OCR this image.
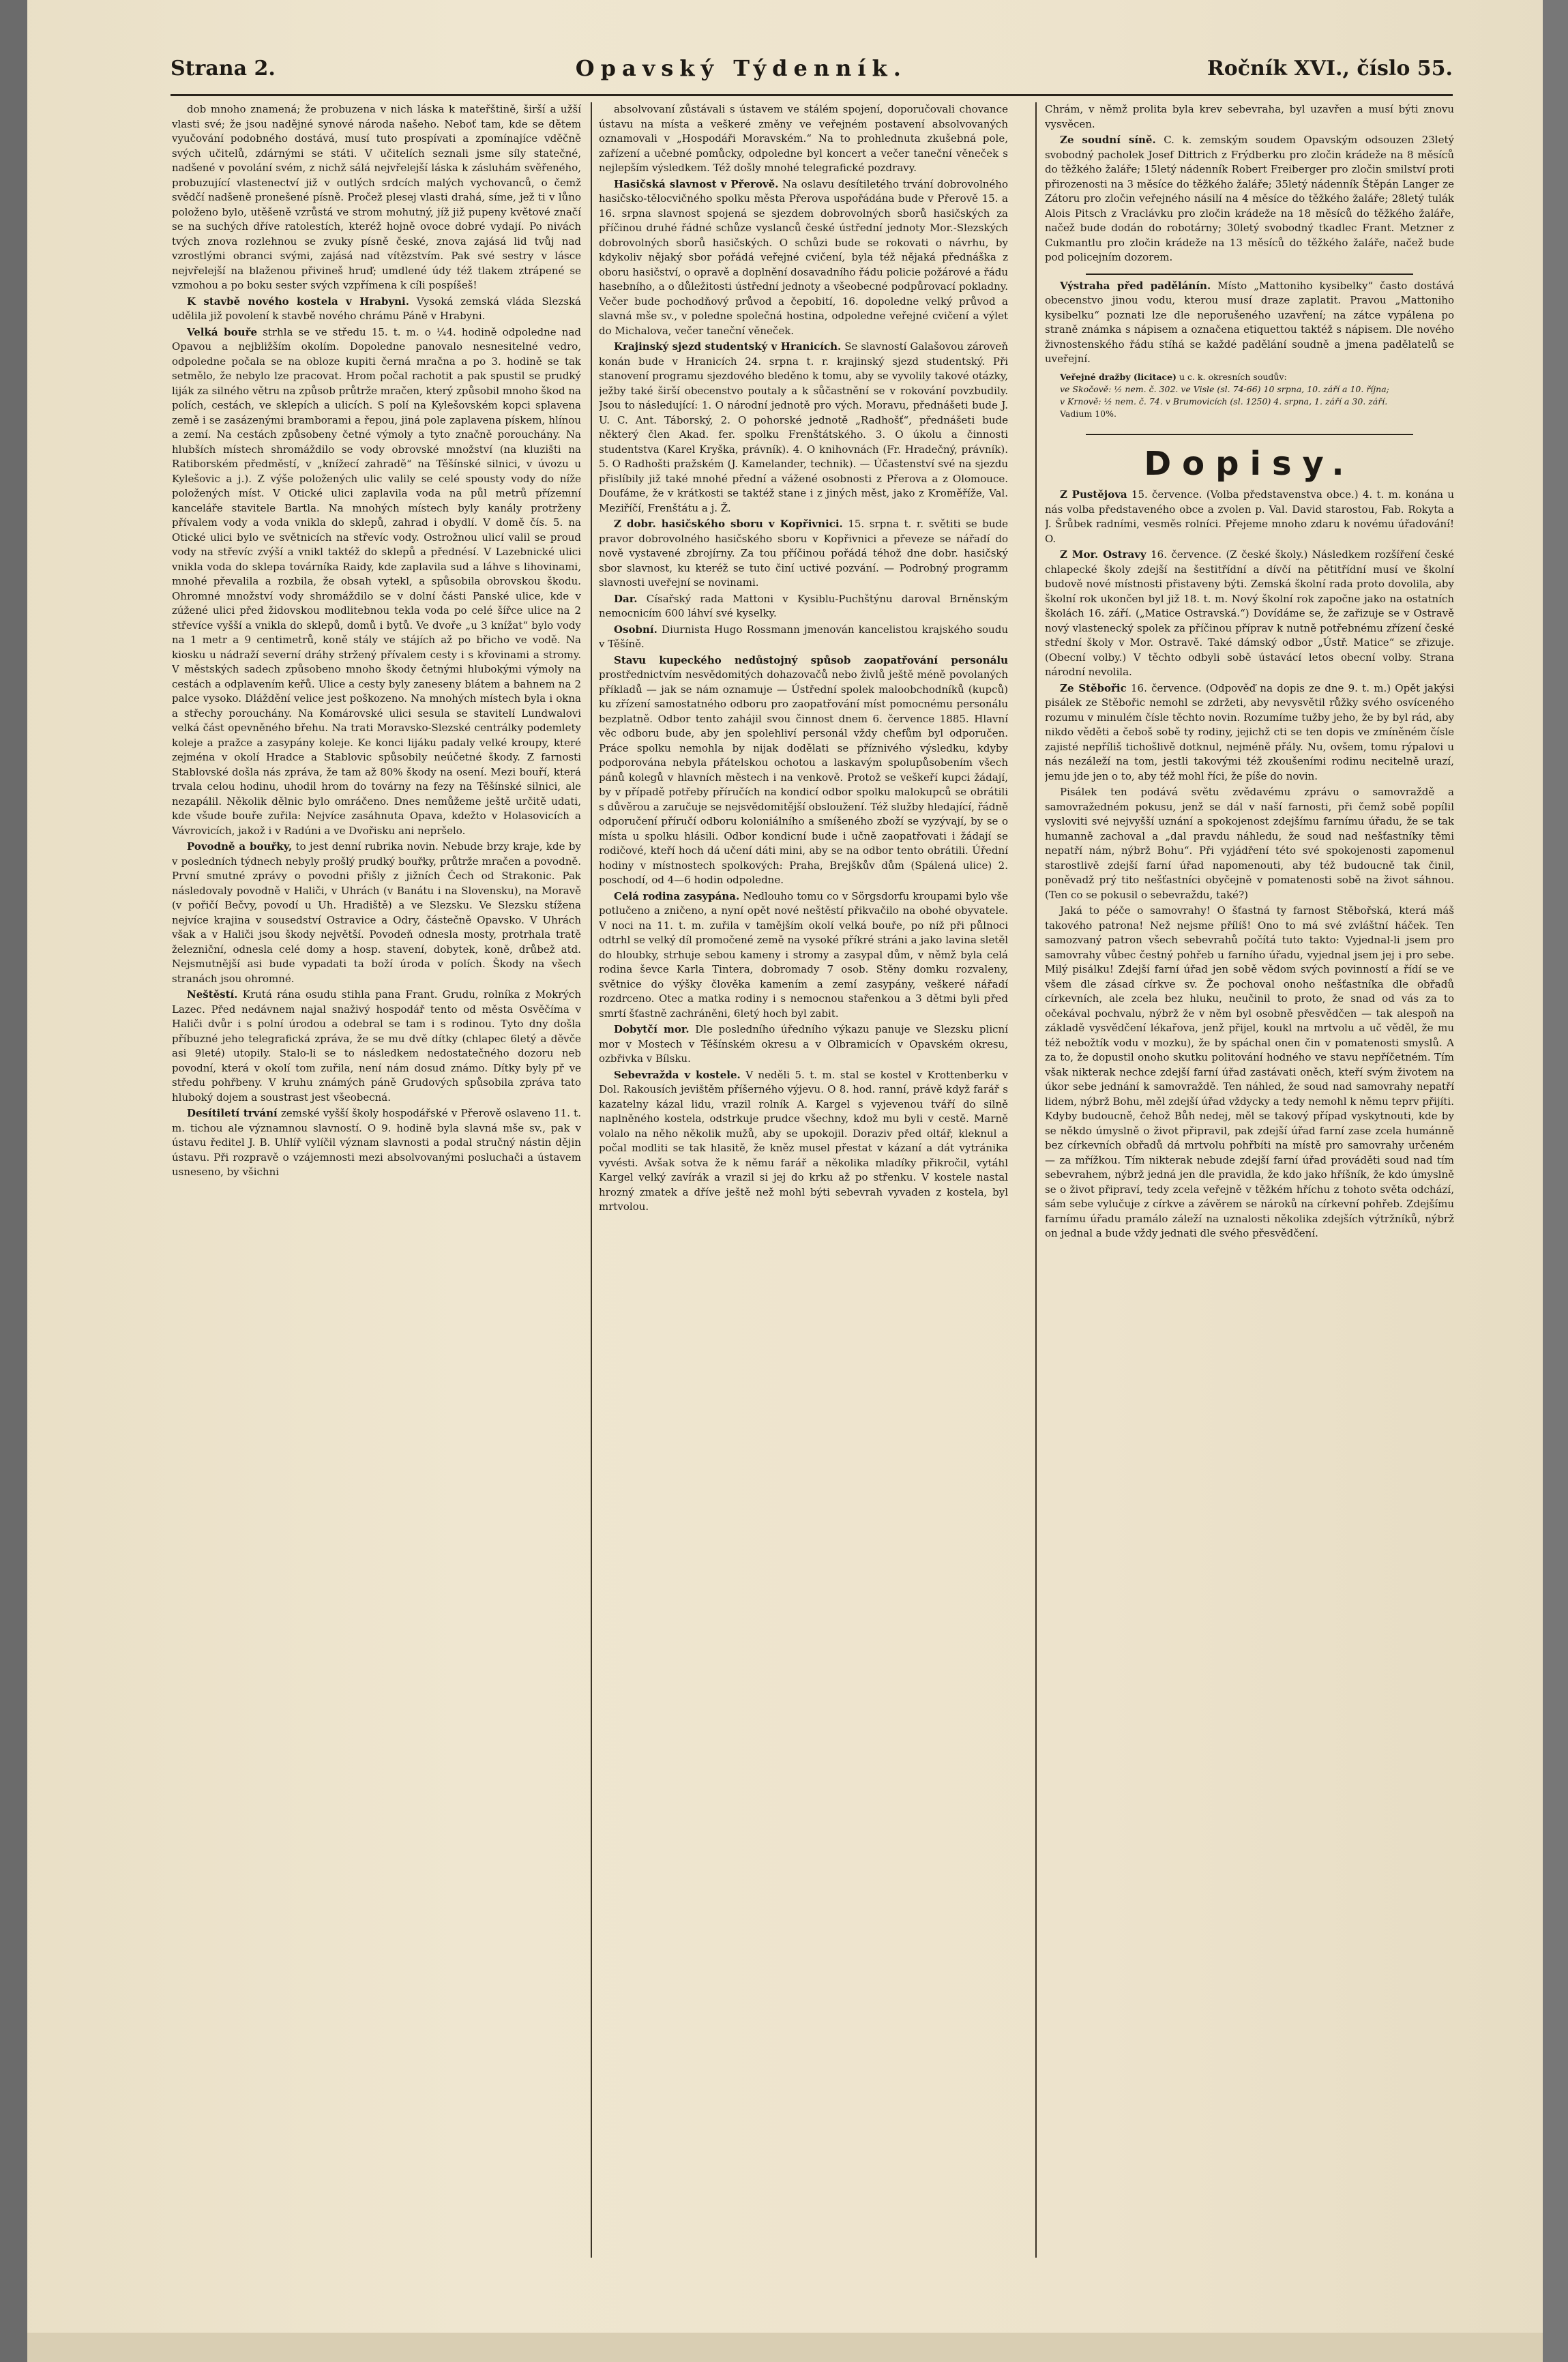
Strana 2.	Opavský Týdenník.	Ročník XVI., číslo 55.

dob mnoho znamená; že probuzena v nich láska k mateřštině, širší a užší vlasti své; že jsou nadějné synové národa našeho. Neboť tam, kde se dětem vyučování podobného dostává, musí tuto prospívati a zpomínajíce vděčně svých učitelů, zdárnými se státi. V učitelích seznali jsme síly statečné, nadšené v povolání svém, z nichž sálá nejvřelejší láska k zásluhám svěřeného, probuzující vlastenectví již v outlých srdcích malých vychovanců, o čemž svědčí nadšeně pronešené písně. Pročež plesej vlasti drahá, síme, jež ti v lůno položeno bylo, utěšeně vzrůstá ve strom mohutný, jíž již pupeny květové značí se na suchých dříve ratolestích, kteréž hojně ovoce dobré vydají. Po nivách tvých znova rozlehnou se zvuky písně české, znova zajásá lid tvůj nad vzrostlými obranci svými, zajásá nad vítězstvím. Pak své sestry v lásce nejvřelejší na blaženou přivineš hruď; umdlené údy též tlakem ztrápené se vzmohou a po boku sester svých vzpřímena k cíli pospíšeš!

K stavbě nového kostela v Hrabyni. Vysoká zemská vláda Slezská udělila již povolení k stavbě nového chrámu Páně v Hrabyni.

Velká bouře strhla se ve středu 15. t. m. o ¼4. hodině odpoledne nad Opavou a nejbližším okolím. Dopoledne panovalo nesnesitelné vedro, odpoledne počala se na obloze kupiti černá mračna a po 3. hodině se tak setmělo, že nebylo lze pracovat. Hrom počal rachotit a pak spustil se prudký liják za silného větru na způsob průtrže mračen, který způsobil mnoho škod na polích, cestách, ve sklepích a ulicích. S polí na Kylešovském kopci splavena země i se zasázenými bramborami a řepou, jiná pole zaplavena pískem, hlínou a zemí. Na cestách způsobeny četné výmoly a tyto značně porouchány. Na hlubších místech shromáždilo se vody obrovské množství (na kluzišti na Ratiborském předměstí, v „knížecí zahradě“ na Těšínské silnici, v úvozu u Kylešovic a j.). Z výše položených ulic valily se celé spousty vody do níže položených míst. V Otické ulici zaplavila voda na půl metrů přízemní kanceláře stavitele Bartla. Na mnohých místech byly kanály protrženy přívalem vody a voda vnikla do sklepů, zahrad i obydlí. V domě čís. 5. na Otické ulici bylo ve světnicích na střevíc vody. Ostrožnou ulicí valil se proud vody na střevíc zvýší a vnikl taktéž do sklepů a přednésí. V Lazebnické ulici vnikla voda do sklepa továrníka Raidy, kde zaplavila sud a láhve s lihovinami, mnohé převalila a rozbila, že obsah vytekl, a spůsobila obrovskou škodu. Ohromné množství vody shromáždilo se v dolní části Panské ulice, kde v zúžené ulici před židovskou modlitebnou tekla voda po celé šířce ulice na 2 střevíce vyšší a vnikla do sklepů, domů i bytů. Ve dvoře „u 3 knížat“ bylo vody na 1 metr a 9 centimetrů, koně stály ve stájích až po břicho ve vodě. Na kiosku u nádraží severní dráhy stržený přívalem cesty i s křovinami a stromy. V městských sadech způsobeno mnoho škody četnými hlubokými výmoly na cestách a odplavením keřů. Ulice a cesty byly zaneseny blátem a bahnem na 2 palce vysoko. Dláždění velice jest poškozeno. Na mnohých místech byla i okna a střechy porouchány. Na Komárovské ulici sesula se stavitelí Lundwalovi velká část opevněného břehu. Na trati Moravsko-Slezské centrálky podemlety koleje a pražce a zasypány koleje. Ke konci lijáku padaly velké kroupy, které zejména v okolí Hradce a Stablovic spůsobily neúčetné škody. Z farnosti Stablovské došla nás zpráva, že tam až 80% škody na osení. Mezi bouří, která trvala celou hodinu, uhodil hrom do továrny na fezy na Těšínské silnici, ale nezapálil. Několik dělnic bylo omráčeno. Dnes nemůžeme ještě určitě udati, kde všude bouře zuřila: Nejvíce zasáhnuta Opava, kdežto v Holasovicích a Vávrovicích, jakož i v Radúni a ve Dvořisku ani nepršelo.

Povodně a bouřky, to jest denní rubrika novin. Nebude brzy kraje, kde by v posledních týdnech nebyly prošlý prudký bouřky, průtrže mračen a povodně. První smutné zprávy o povodni přišly z jižních Čech od Strakonic. Pak následovaly povodně v Haliči, v Uhrách (v Banátu i na Slovensku), na Moravě (v pořičí Bečvy, povodí u Uh. Hradiště) a ve Slezsku. Ve Slezsku stížena nejvíce krajina v sousedství Ostravice a Odry, částečně Opavsko. V Uhrách však a v Haliči jsou škody největší. Povodeň odnesla mosty, protrhala tratě železniční, odnesla celé domy a hosp. stavení, dobytek, koně, drůbež atd. Nejsmutnější asi bude vypadati ta boží úroda v polích. Škody na všech stranách jsou ohromné.

Neštěstí. Krutá rána osudu stihla pana Frant. Grudu, rolníka z Mokrých Lazec. Před nedávnem najal snaživý hospodář tento od města Osvěčíma v Haliči dvůr i s polní úrodou a odebral se tam i s rodinou. Tyto dny došla příbuzné jeho telegrafická zpráva, že se mu dvě dítky (chlapec 6letý a děvče asi 9leté) utopily. Stalo-li se to následkem nedostatečného dozoru neb povodní, která v okolí tom zuřila, není nám dosud známo. Dítky byly př ve středu pohřbeny. V kruhu známých páně Grudových spůsobila zpráva tato hluboký dojem a soustrast jest všeobecná.

Desítiletí trvání zemské vyšší školy hospodářské v Přerově oslaveno 11. t. m. tichou ale významnou slavností. O 9. hodině byla slavná mše sv., pak v ústavu ředitel J. B. Uhlíř vylíčil význam slavnosti a podal stručný nástin dějin ústavu. Při rozpravě o vzájemnosti mezi absolvovanými posluchači a ústavem usneseno, by všichni

absolvovaní zůstávali s ústavem ve stálém spojení, doporučovali chovance ústavu na místa a veškeré změny ve veřejném postavení absolvovaných oznamovali v „Hospodáři Moravském.“ Na to prohlednuta zkušebná pole, zařízení a učebné pomůcky, odpoledne byl koncert a večer taneční věneček s nejlepším výsledkem. Též došly mnohé telegrafické pozdravy.

Hasičská slavnost v Přerově. Na oslavu desítiletého trvání dobrovolného hasičsko-tělocvičného spolku města Přerova uspořádána bude v Přerově 15. a 16. srpna slavnost spojená se sjezdem dobrovolných sborů hasičských za příčinou druhé řádné schůze vyslanců české ústřední jednoty Mor.-Slezských dobrovolných sborů hasičských. O schůzi bude se rokovati o návrhu, by kdykoliv nějaký sbor pořádá veřejné cvičení, byla též nějaká přednáška z oboru hasičství, o opravě a doplnění dosavadního řádu policie požárové a řádu hasebního, a o důležitosti ústřední jednoty a všeobecné podpůrovací pokladny. Večer bude pochodňový průvod a čepobití, 16. dopoledne velký průvod a slavná mše sv., v poledne společná hostina, odpoledne veřejné cvičení a výlet do Michalova, večer taneční věneček.

Krajinský sjezd studentský v Hranicích. Se slavností Galašovou zároveň konán bude v Hranicích 24. srpna t. r. krajinský sjezd studentský. Při stanovení programu sjezdového bleděno k tomu, aby se vyvolily takové otázky, ježby také širší obecenstvo poutaly a k sůčastnění se v rokování povzbudily. Jsou to následující: 1. O národní jednotě pro vých. Moravu, přednášeti bude J. U. C. Ant. Táborský, 2. O pohorské jednotě „Radhošť“, přednášeti bude některý člen Akad. fer. spolku Frenštátského. 3. O úkolu a činnosti studentstva (Karel Kryška, právník). 4. O knihovnách (Fr. Hradečný, právník). 5. O Radhošti pražském (J. Kamelander, technik). — Účastenství své na sjezdu přislíbily již také mnohé přední a vážené osobnosti z Přerova a z Olomouce. Doufáme, že v krátkosti se taktéž stane i z jiných měst, jako z Kroměříže, Val. Meziříčí, Frenštátu a j. Ž.

Z dobr. hasičského sboru v Kopřivnici. 15. srpna t. r. světiti se bude pravor dobrovolného hasičského sboru v Kopřivnici a převeze se nářadí do nově vystavené zbrojírny. Za tou příčinou pořádá téhož dne dobr. hasičský sbor slavnost, ku kteréž se tuto činí uctivé pozvání. — Podrobný programm slavnosti uveřejní se novinami.

Dar. Císařský rada Mattoni v Kysiblu-Puchštýnu daroval Brněnským nemocnicím 600 láhví své kyselky.

Osobní. Diurnista Hugo Rossmann jmenován kancelistou krajského soudu v Těšíně.

Stavu kupeckého nedůstojný spůsob zaopatřování personálu prostřednictvím nesvědomitých dohazovačů nebo živlů ještě méně povolaných příkladů — jak se nám oznamuje — Ústřední spolek maloobchodníků (kupců) ku zřízení samostatného odboru pro zaopatřování míst pomocnému personálu bezplatně. Odbor tento zahájil svou činnost dnem 6. července 1885. Hlavní věc odboru bude, aby jen spolehliví personál vždy chefům byl odporučen. Práce spolku nemohla by nijak dodělati se příznivého výsledku, kdyby podporována nebyla přátelskou ochotou a laskavým spolupůsobením všech pánů kolegů v hlavních městech i na venkově. Protož se veškeří kupci žádají, by v případě potřeby příručích na kondicí odbor spolku malokupců se obrátili s důvěrou a zaručuje se nejsvědomitější obsloužení. Též služby hledající, řádně odporučení příručí odboru koloniálního a smíšeného zboží se vyzývají, by se o místa u spolku hlásili. Odbor kondicní bude i učně zaopatřovati i žádají se rodičové, kteří hoch dá učení dáti mini, aby se na odbor tento obrátili. Úřední hodiny v místnostech spolkových: Praha, Brejškův dům (Spálená ulice) 2. poschodí, od 4—6 hodin odpoledne.

Celá rodina zasypána. Nedlouho tomu co v Sörgsdorfu kroupami bylo vše potlučeno a zničeno, a nyní opět nové neštěstí přikvačilo na obohé obyvatele. V noci na 11. t. m. zuřila v tamějším okolí velká bouře, po níž při půlnoci odtrhl se velký díl promočené země na vysoké příkré stráni a jako lavina sletěl do hloubky, strhuje sebou kameny i stromy a zasypal dům, v němž byla celá rodina ševce Karla Tintera, dobromady 7 osob. Stěny domku rozvaleny, světnice do výšky člověka kamením a zemí zasypány, veškeré nářadí rozdrceno. Otec a matka rodiny i s nemocnou stařenkou a 3 dětmi byli před smrtí šťastně zachráněni, 6letý hoch byl zabit.

Dobytčí mor. Dle posledního úředního výkazu panuje ve Slezsku plicní mor v Mostech v Těšínském okresu a v Olbramicích v Opavském okresu, ozbřivka v Bílsku.

Sebevražda v kostele. V neděli 5. t. m. stal se kostel v Krottenberku v Dol. Rakousích jevištěm příšerného výjevu. O 8. hod. ranní, právě když farář s kazatelny kázal lidu, vrazil rolník A. Kargel s vyjevenou tváří do silně naplněného kostela, odstrkuje prudce všechny, kdož mu byli v cestě. Marně volalo na něho několik mužů, aby se upokojil. Doraziv před oltář, kleknul a počal modliti se tak hlasitě, že kněz musel přestat v kázaní a dát vytránika vyvésti. Avšak sotva že k němu farář a několika mladíky přikročil, vytáhl Kargel velký zavírák a vrazil si jej do krku až po střenku. V kostele nastal hrozný zmatek a dříve ještě než mohl býti sebevrah vyvaden z kostela, byl mrtvolou.

Chrám, v němž prolita byla krev sebevraha, byl uzavřen a musí býti znovu vysvěcen.

Ze soudní síně. C. k. zemským soudem Opavským odsouzen 23letý svobodný pacholek Josef Dittrich z Frýdberku pro zločin krádeže na 8 měsíců do těžkého žaláře; 15letý nádenník Robert Freiberger pro zločin smilství proti přirozenosti na 3 měsíce do těžkého žaláře; 35letý nádenník Štěpán Langer ze Zátoru pro zločin veřejného násilí na 4 měsíce do těžkého žaláře; 28letý tulák Alois Pitsch z Vraclávku pro zločin krádeže na 18 měsíců do těžkého žaláře, načež bude dodán do robotárny; 30letý svobodný tkadlec Frant. Metzner z Cukmantlu pro zločin krádeže na 13 měsíců do těžkého žaláře, načež bude pod policejním dozorem.

Výstraha před padělánín. Místo „Mattoniho kysibelky“ často dostává obecenstvo jinou vodu, kterou musí draze zaplatit. Pravou „Mattoniho kysibelku“ poznati lze dle neporušeného uzavření; na zátce vypálena po straně známka s nápisem a označena etiquettou taktéž s nápisem. Dle nového živnostenského řádu stíhá se každé padělání soudně a jmena padělatelů se uveřejní.

Veřejné dražby (licitace) u c. k. okresních soudův:
ve Skočově: ½ nem. č. 302. ve Visle (sl. 74-66) 10 srpna, 10. září a 10. října;
v Krnově: ½ nem. č. 74. v Brumovicích (sl. 1250) 4. srpna, 1. září a 30. září.
Vadium 10%.
Dopisy.

Z Pustějova 15. července. (Volba představenstva obce.) 4. t. m. konána u nás volba představeného obce a zvolen p. Val. David starostou, Fab. Rokyta a J. Šrůbek radními, vesměs rolníci. Přejeme mnoho zdaru k novému úřadování! O.

Z Mor. Ostravy 16. července. (Z české školy.) Následkem rozšíření české chlapecké školy zdejší na šestitřídní a dívčí na pětitřídní musí ve školní budově nové místnosti přistaveny býti. Zemská školní rada proto dovolila, aby školní rok ukončen byl již 18. t. m. Nový školní rok započne jako na ostatních školách 16. září. („Matice Ostravská.“) Dovídáme se, že zařizuje se v Ostravě nový vlastenecký spolek za příčinou příprav k nutně potřebnému zřízení české střední školy v Mor. Ostravě. Také dámský odbor „Ústř. Matice“ se zřizuje. (Obecní volby.) V těchto odbyli sobě ústavácí letos obecní volby. Strana národní nevolila.

Ze Stěbořic 16. července. (Odpověď na dopis ze dne 9. t. m.) Opět jakýsi pisálek ze Stěbořic nemohl se zdržeti, aby nevysvětil růžky svého osvíceného rozumu v minulém čísle těchto novin. Rozumíme tužby jeho, že by byl rád, aby nikdo věděti a čeboš sobě ty rodiny, jejichž cti se ten dopis ve zmíněném čísle zajisté nepříliš tichošlivě dotknul, nejméně přály. Nu, ovšem, tomu rýpalovi u nás nezáleží na tom, jestli takovými též zkoušeními rodinu necitelně urazí, jemu jde jen o to, aby též mohl říci, že píše do novin.

Pisálek ten podává světu zvědavému zprávu o samovraždě a samovražedném pokusu, jenž se dál v naší farnosti, při čemž sobě popílil vysloviti své nejvyšší uznání a spokojenost zdejšímu farnímu úřadu, že se tak humanně zachoval a „dal pravdu náhledu, že soud nad nešťastníky těmi nepatří nám, nýbrž Bohu“. Při vyjádření této své spokojenosti zapomenul starostlivě zdejší farní úřad napomenouti, aby též budoucně tak činil, poněvadž prý tito nešťastníci obyčejně v pomatenosti sobě na život sáhnou. (Ten co se pokusil o sebevraždu, také?)

Jaká to péče o samovrahy! O šťastná ty farnost Stěbořská, která máš takového patrona! Než nejsme přílíš! Ono to má své zvláštní háček. Ten samozvaný patron všech sebevrahů počítá tuto takto: Vyjednal-li jsem pro samovrahy vůbec čestný pohřeb u farního úřadu, vyjednal jsem jej i pro sebe. Milý pisálku! Zdejší farní úřad jen sobě vědom svých povinností a řídí se ve všem dle zásad církve sv. Že pochoval onoho nešťastníka dle obřadů církevních, ale zcela bez hluku, neučinil to proto, že snad od vás za to očekával pochvalu, nýbrž že v něm byl osobně přesvědčen — tak alespoň na základě vysvědčení lékařova, jenž přijel, koukl na mrtvolu a uč věděl, že mu též nebožtík vodu v mozku), že by spáchal onen čin v pomatenosti smyslů. A za to, že dopustil onoho skutku politování hodného ve stavu nepříčetném. Tím však nikterak nechce zdejší farní úřad zastávati oněch, kteří svým životem na úkor sebe jednání k samovraždě. Ten náhled, že soud nad samovrahy nepatří lidem, nýbrž Bohu, měl zdejší úřad vždycky a tedy nemohl k němu teprv přijíti. Kdyby budoucně, čehož Bůh nedej, měl se takový případ vyskytnouti, kde by se někdo úmyslně o život připravil, pak zdejší úřad farní zase zcela humánně bez církevních obřadů dá mrtvolu pohřbíti na místě pro samovrahy určeném — za mřížkou. Tím nikterak nebude zdejší farní úřad prováděti soud nad tím sebevrahem, nýbrž jedná jen dle pravidla, že kdo jako hříšník, že kdo úmyslně se o život připraví, tedy zcela veřejně v těžkém hříchu z tohoto světa odchází, sám sebe vylučuje z církve a závěrem se nároků na církevní pohřeb. Zdejšímu farnímu úřadu pramálo záleží na uznalosti několika zdejších výtržníků, nýbrž on jednal a bude vždy jednati dle svého přesvědčení.
